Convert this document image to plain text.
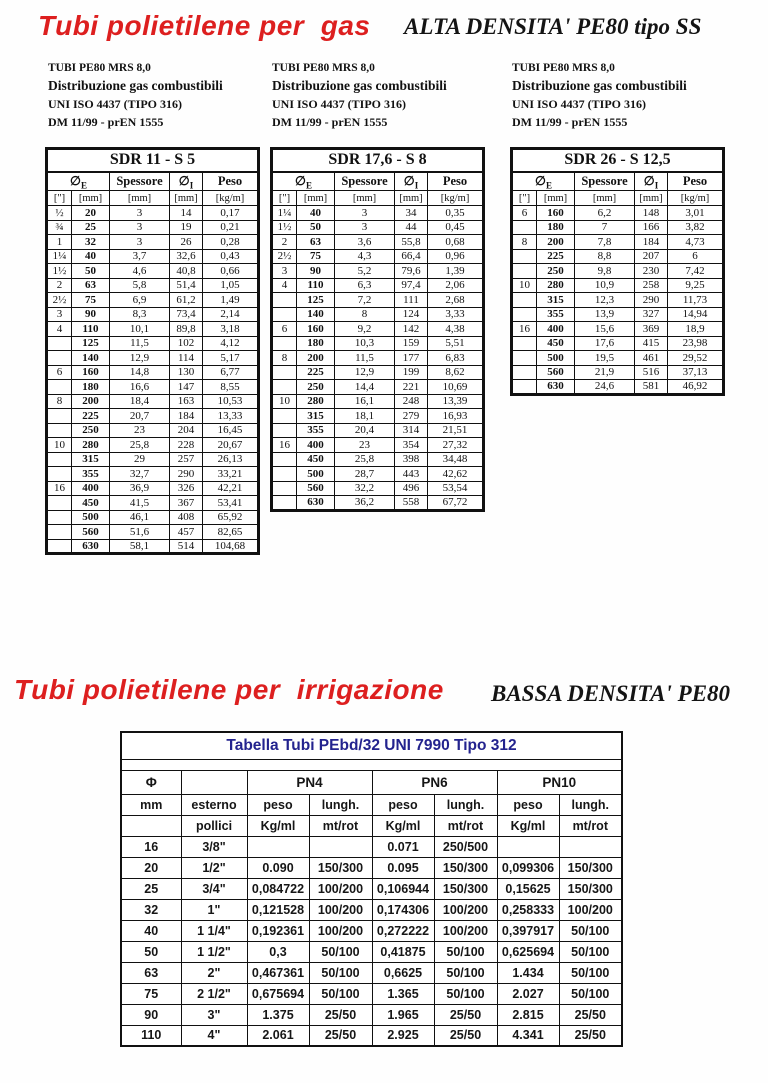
Tubi polietilene per  gas ALTA DENSITA' PE80 tipo SS
TUBI PE80 MRS 8,0
Distribuzione gas combustibili
UNI ISO 4437 (TIPO 316)
DM 11/99 - prEN 1555
TUBI PE80 MRS 8,0
Distribuzione gas combustibili
UNI ISO 4437 (TIPO 316)
DM 11/99 - prEN 1555
TUBI PE80 MRS 8,0
Distribuzione gas combustibili
UNI ISO 4437 (TIPO 316)
DM 11/99 - prEN 1555
SDR 11 - S 5				
$\emptyset_E$		Spessore	$\emptyset_I$	Peso
["]	[mm]	[mm]	[mm]	[kg/m]
½	20	3	14	0,17
¾	25	3	19	0,21
1	32	3	26	0,28
1¼	40	3,7	32,6	0,43
1½	50	4,6	40,8	0,66
2	63	5,8	51,4	1,05
2½	75	6,9	61,2	1,49
3	90	8,3	73,4	2,14
4	110	10,1	89,8	3,18
	125	11,5	102	4,12
	140	12,9	114	5,17
6	160	14,8	130	6,77
	180	16,6	147	8,55
8	200	18,4	163	10,53
	225	20,7	184	13,33
	250	23	204	16,45
10	280	25,8	228	20,67
	315	29	257	26,13
	355	32,7	290	33,21
16	400	36,9	326	42,21
	450	41,5	367	53,41
	500	46,1	408	65,92
	560	51,6	457	82,65
	630	58,1	514	104,68
SDR 17,6 - S 8				
$\emptyset_E$		Spessore	$\emptyset_I$	Peso
["]	[mm]	[mm]	[mm]	[kg/m]
1¼	40	3	34	0,35
1½	50	3	44	0,45
2	63	3,6	55,8	0,68
2½	75	4,3	66,4	0,96
3	90	5,2	79,6	1,39
4	110	6,3	97,4	2,06
	125	7,2	111	2,68
	140	8	124	3,33
6	160	9,2	142	4,38
	180	10,3	159	5,51
8	200	11,5	177	6,83
	225	12,9	199	8,62
	250	14,4	221	10,69
10	280	16,1	248	13,39
	315	18,1	279	16,93
	355	20,4	314	21,51
16	400	23	354	27,32
	450	25,8	398	34,48
	500	28,7	443	42,62
	560	32,2	496	53,54
	630	36,2	558	67,72
SDR 26 - S 12,5				
$\emptyset_E$		Spessore	$\emptyset_I$	Peso
["]	[mm]	[mm]	[mm]	[kg/m]
6	160	6,2	148	3,01
	180	7	166	3,82
8	200	7,8	184	4,73
	225	8,8	207	6
	250	9,8	230	7,42
10	280	10,9	258	9,25
	315	12,3	290	11,73
	355	13,9	327	14,94
16	400	15,6	369	18,9
	450	17,6	415	23,98
	500	19,5	461	29,52
	560	21,9	516	37,13
	630	24,6	581	46,92
Tubi polietilene per  irrigazione BASSA DENSITA' PE80
Tabella Tubi PEbd/32 UNI 7990 Tipo 312							

Φ		PN4		PN6		PN10	
mm	esterno	peso	lungh.	peso	lungh.	peso	lungh.
	pollici	Kg/ml	mt/rot	Kg/ml	mt/rot	Kg/ml	mt/rot
16	3/8"			0.071	250/500		
20	1/2"	0.090	150/300	0.095	150/300	0,099306	150/300
25	3/4"	0,084722	100/200	0,106944	150/300	0,15625	150/300
32	1"	0,121528	100/200	0,174306	100/200	0,258333	100/200
40	1 1/4"	0,192361	100/200	0,272222	100/200	0,397917	50/100
50	1 1/2"	0,3	50/100	0,41875	50/100	0,625694	50/100
63	2"	0,467361	50/100	0,6625	50/100	1.434	50/100
75	2 1/2"	0,675694	50/100	1.365	50/100	2.027	50/100
90	3"	1.375	25/50	1.965	25/50	2.815	25/50
110	4"	2.061	25/50	2.925	25/50	4.341	25/50
